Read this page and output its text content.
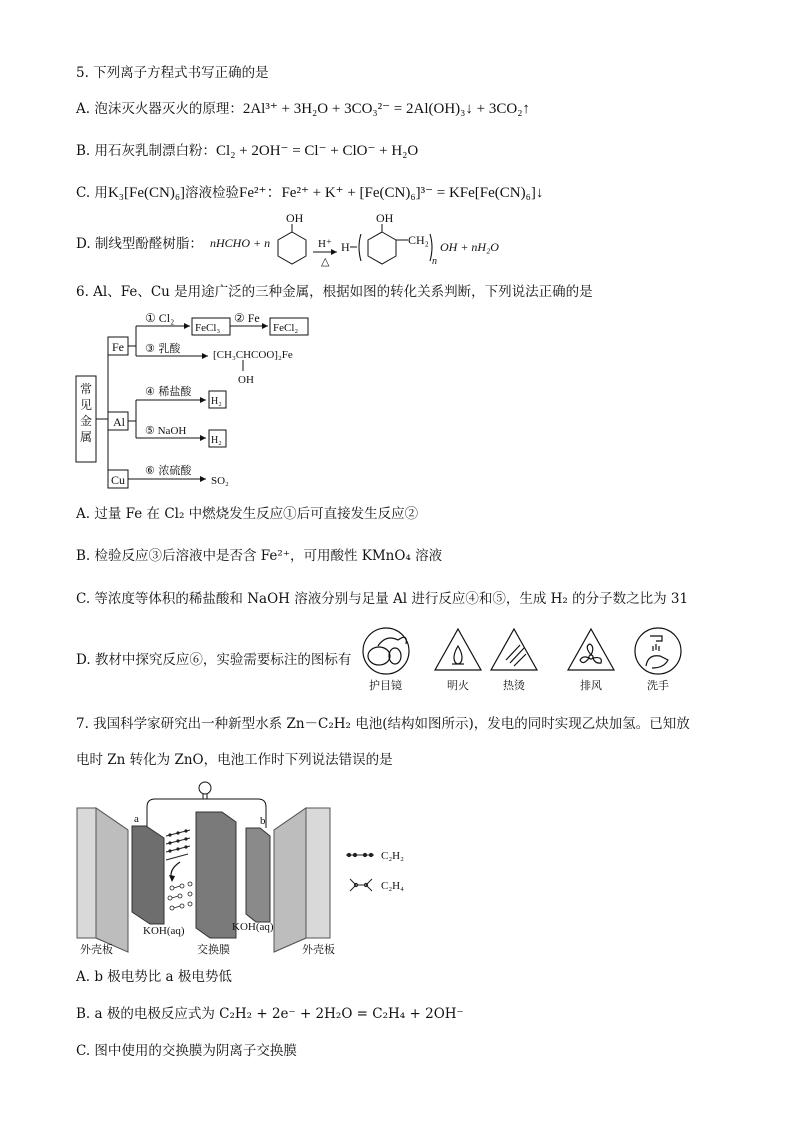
5. 下列离子方程式书写正确的是
A. 泡沫灭火器灭火的原理：2Al³⁺ + 3H₂O + 3CO₃²⁻ = 2Al(OH)₃↓ + 3CO₂↑
B. 用石灰乳制漂白粉：Cl₂ + 2OH⁻ = Cl⁻ + ClO⁻ + H₂O
C. 用K₃[Fe(CN)₆]溶液检验Fe²⁺：Fe²⁺ + K⁺ + [Fe(CN)₆]³⁻ = KFe[Fe(CN)₆]↓
D. 制线型酚醛树脂： nHCHO + n
OH
H⁺
△
H
OH
CH₂
n
OH + nH₂O
6. Al、Fe、Cu 是用途广泛的三种金属，根据如图的转化关系判断，下列说法正确的是
常 见 金 属
Fe
Al
Cu
① Cl₂	② Fe
FeCl₃	FeCl₂
③ 乳酸	[CH₃CHCOO]₂Fe
OH
④ 稀盐酸
H₂
⑤ NaOH
H₂
⑥ 浓硫酸
SO₂
A. 过量 Fe 在 Cl₂ 中燃烧发生反应①后可直接发生反应②
B. 检验反应③后溶液中是否含 Fe²⁺，可用酸性 KMnO₄ 溶液
C. 等浓度等体积的稀盐酸和 NaOH 溶液分别与足量 Al 进行反应④和⑤，生成 H₂ 的分子数之比为 31
D. 教材中探究反应⑥，实验需要标注的图标有
护目镜	明火	热烫	排风	洗手
7. 我国科学家研究出一种新型水系 Zn－C₂H₂ 电池(结构如图所示)，发电的同时实现乙炔加氢。已知放
电时 Zn 转化为 ZnO，电池工作时下列说法错误的是
a	b
KOH(aq)	KOH(aq)
外壳板	交换膜	外壳板
C₂H₂
C₂H₄
A. b 极电势比 a 极电势低
B. a 极的电极反应式为 C₂H₂ + 2e⁻ + 2H₂O = C₂H₄ + 2OH⁻
C. 图中使用的交换膜为阴离子交换膜
